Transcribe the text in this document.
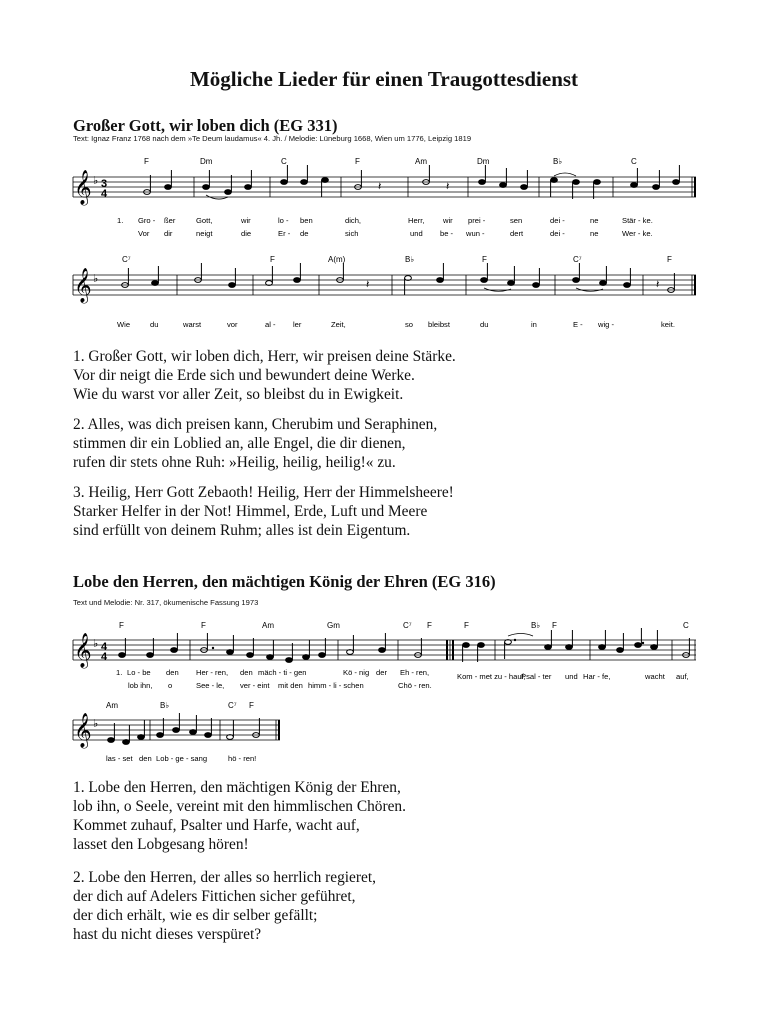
Mögliche Lieder für einen Traugottesdienst
Großer Gott, wir loben dich (EG 331)
Text: Ignaz Franz 1768 nach dem »Te Deum laudamus« 4. Jh. / Melodie: Lüneburg 1668, Wien um 1776, Leipzig 1819
𝄞 ♭ 3
4
𝄽	𝄽
F	Dm	C	F	Am	Dm	B♭	C
1. Gro - ßer	Gott,	wir	lo - ben	dich,	Herr, wir prei -	sen	dei -	ne	Stär - ke.
Vor dir	neigt	die	Er - de	sich	und be - wun -	dert	dei -	ne	Wer - ke.
𝄞 ♭	𝄽	𝄽
C⁷	F	A(m)	B♭	F	C⁷	F
Wie	du	warst	vor	al - ler	Zeit,	so bleibst	du	in	E - wig -	keit.
1. Großer Gott, wir loben dich, Herr, wir preisen deine Stärke.
Vor dir neigt die Erde sich und bewundert deine Werke.
Wie du warst vor aller Zeit, so bleibst du in Ewigkeit.
2. Alles, was dich preisen kann, Cherubim und Seraphinen,
stimmen dir ein Loblied an, alle Engel, die dir dienen,
rufen dir stets ohne Ruh: »Heilig, heilig, heilig!« zu.
3. Heilig, Herr Gott Zebaoth! Heilig, Herr der Himmelsheere!
Starker Helfer in der Not! Himmel, Erde, Luft und Meere
sind erfüllt von deinem Ruhm; alles ist dein Eigentum.
Lobe den Herren, den mächtigen König der Ehren (EG 316)
Text und Melodie: Nr. 317, ökumenische Fassung 1973
𝄞 ♭ 4
4
F	F	Am	Gm	C⁷ F	F	B♭ F	C
1. Lo - be den Her - ren, den mäch - ti - gen	Kö - nig der Eh - ren,	Kom - met zu - hauf,
Psal - ter und Har - fe,	wacht auf,
lob ihn, o	See - le, ver - eint mit den himm - li - schen	Chö - ren.
𝄞 ♭
Am	B♭	C⁷ F
las - set den Lob - ge - sang	hö - ren!
1. Lobe den Herren, den mächtigen König der Ehren,
lob ihn, o Seele, vereint mit den himmlischen Chören.
Kommet zuhauf, Psalter und Harfe, wacht auf,
lasset den Lobgesang hören!
2. Lobe den Herren, der alles so herrlich regieret,
der dich auf Adelers Fittichen sicher geführet,
der dich erhält, wie es dir selber gefällt;
hast du nicht dieses verspüret?
